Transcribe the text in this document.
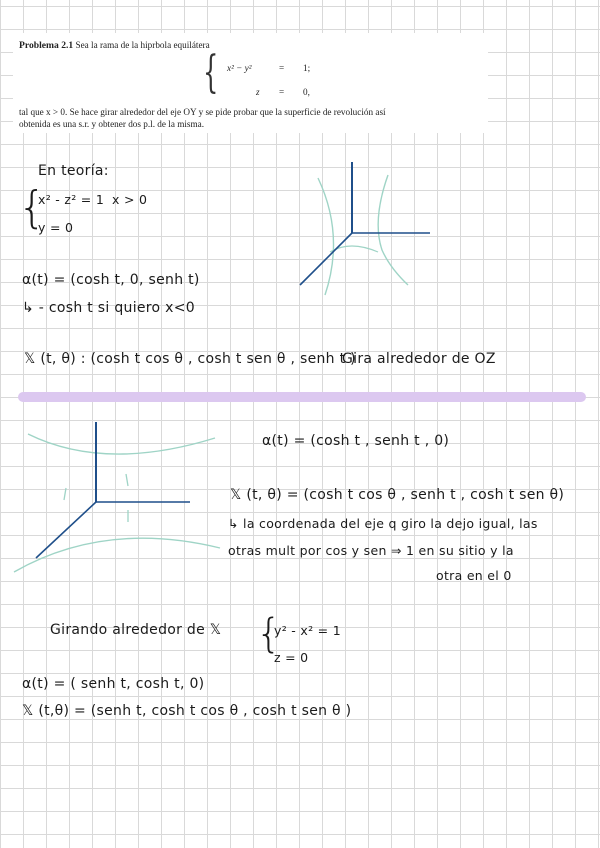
Problema 2.1 Sea la rama de la hiprbola equilátera
{ x² − y²	= 1;
z = 0,
tal que x > 0. Se hace girar alrededor del eje OY y se pide probar que la superficie de revolución así
obtenida es una s.r. y obtener dos p.l. de la misma.
En teoría:
{
x² - z² = 1 x > 0
y = 0
α(t) = (cosh t, 0, senh t)
↳ - cosh t si quiero x<0
𝕏 (t, θ) : (cosh t cos θ , cosh t sen θ , senh t )
Gira alrededor de OZ
α(t) = (cosh t , senh t , 0)
𝕏 (t, θ) = (cosh t cos θ , senh t , cosh t sen θ)
↳ la coordenada del eje q giro la dejo igual, las
otras mult por cos y sen ⇒ 1 en su sitio y la
otra en el 0
Girando alrededor de 𝕏 {
y² - x² = 1
z = 0
α(t) = ( senh t, cosh t, 0)
𝕏 (t,θ) = (senh t, cosh t cos θ , cosh t sen θ )
